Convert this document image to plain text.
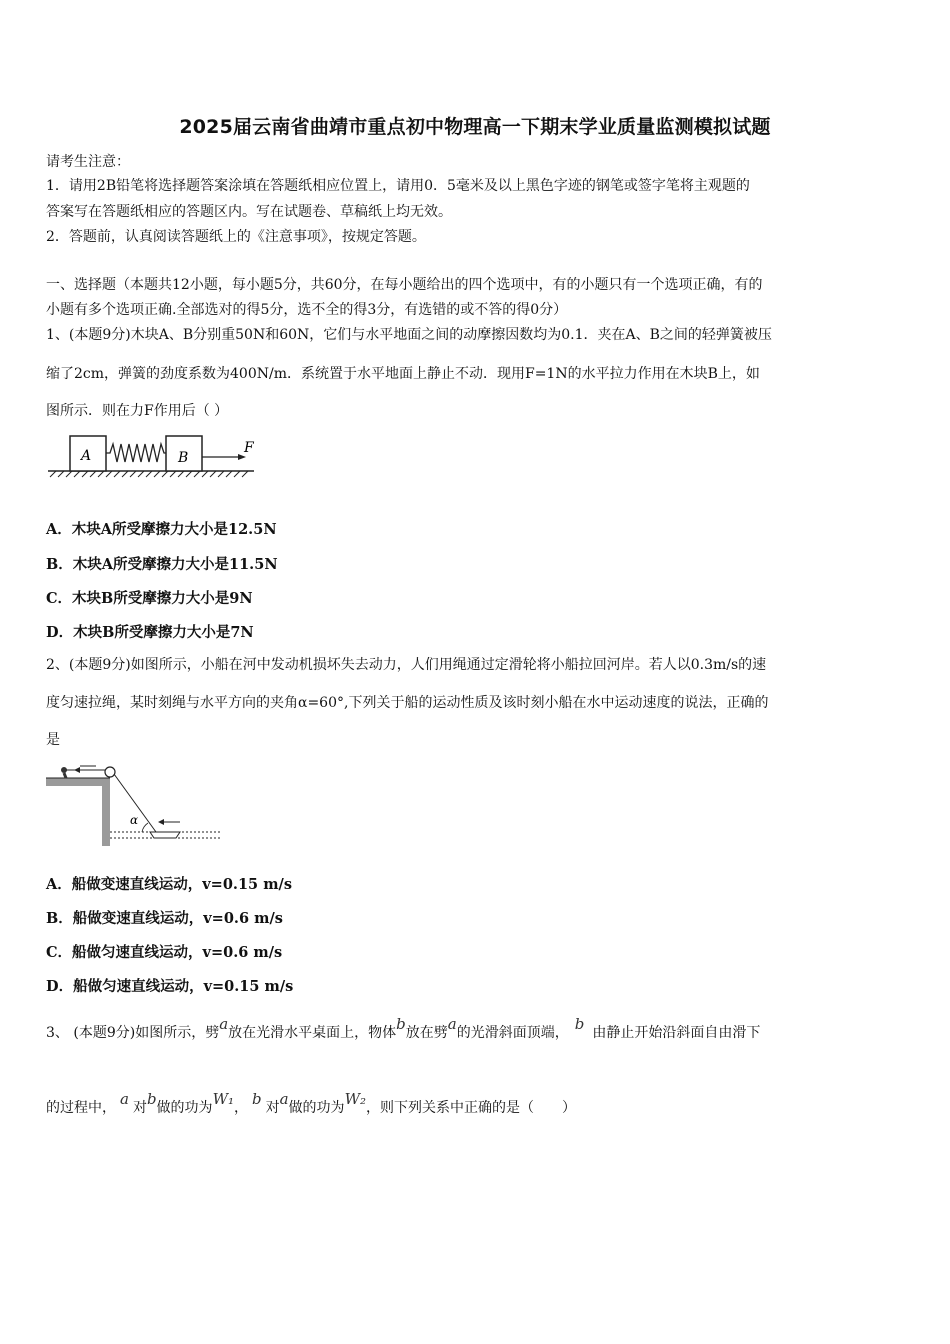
2025届云南省曲靖市重点初中物理高一下期末学业质量监测模拟试题
请考生注意：
1．请用2B铅笔将选择题答案涂填在答题纸相应位置上，请用0．5毫米及以上黑色字迹的钢笔或签字笔将主观题的
答案写在答题纸相应的答题区内。写在试题卷、草稿纸上均无效。
2．答题前，认真阅读答题纸上的《注意事项》，按规定答题。
一、选择题（本题共12小题，每小题5分，共60分，在每小题给出的四个选项中，有的小题只有一个选项正确，有的
小题有多个选项正确.全部选对的得5分，选不全的得3分，有选错的或不答的得0分）
1、(本题9分)木块A、B分别重50N和60N，它们与水平地面之间的动摩擦因数均为0.1．夹在A、B之间的轻弹簧被压
缩了2cm，弹簧的劲度系数为400N/m．系统置于水平地面上静止不动．现用F=1N的水平拉力作用在木块B上，如
图所示．则在力F作用后（ ）
A	B
F
A．木块A所受摩擦力大小是12.5N
B．木块A所受摩擦力大小是11.5N
C．木块B所受摩擦力大小是9N
D．木块B所受摩擦力大小是7N
2、(本题9分)如图所示，小船在河中发动机损坏失去动力，人们用绳通过定滑轮将小船拉回河岸。若人以0.3m/s的速
度匀速拉绳，某时刻绳与水平方向的夹角α=60°,下列关于船的运动性质及该时刻小船在水中运动速度的说法，正确的
是
α
A．船做变速直线运动，v=0.15 m/s
B．船做变速直线运动，v=0.6 m/s
C．船做匀速直线运动，v=0.6 m/s
D．船做匀速直线运动，v=0.15 m/s
3、 (本题9分)如图所示，劈a放在光滑水平桌面上，物体b放在劈a的光滑斜面顶端， b 由静止开始沿斜面自由滑下
的过程中， a 对b做的功为W₁， b 对a做的功为W₂，则下列关系中正确的是（　　）
